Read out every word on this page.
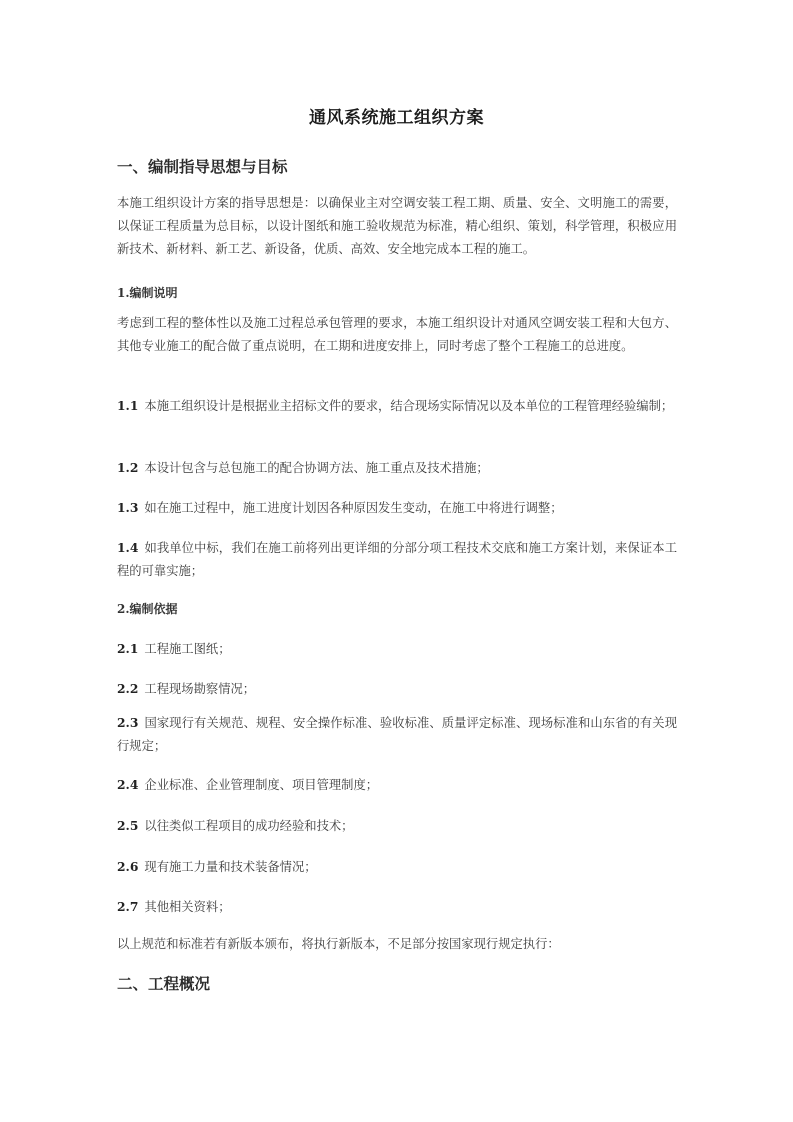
通风系统施工组织方案
一、编制指导思想与目标
本施工组织设计方案的指导思想是：以确保业主对空调安装工程工期、质量、安全、文明施工的需要，以保证工程质量为总目标，以设计图纸和施工验收规范为标准，精心组织、策划，科学管理，积极应用新技术、新材料、新工艺、新设备，优质、高效、安全地完成本工程的施工。
1.编制说明
考虑到工程的整体性以及施工过程总承包管理的要求，本施工组织设计对通风空调安装工程和大包方、其他专业施工的配合做了重点说明，在工期和进度安排上，同时考虑了整个工程施工的总进度。
1.1 本施工组织设计是根据业主招标文件的要求，结合现场实际情况以及本单位的工程管理经验编制；
1.2 本设计包含与总包施工的配合协调方法、施工重点及技术措施；
1.3 如在施工过程中，施工进度计划因各种原因发生变动，在施工中将进行调整；
1.4 如我单位中标，我们在施工前将列出更详细的分部分项工程技术交底和施工方案计划，来保证本工程的可靠实施；
2.编制依据
2.1 工程施工图纸；
2.2 工程现场勘察情况；
2.3 国家现行有关规范、规程、安全操作标准、验收标准、质量评定标准、现场标准和山东省的有关现行规定；
2.4 企业标准、企业管理制度、项目管理制度；
2.5 以往类似工程项目的成功经验和技术；
2.6 现有施工力量和技术装备情况；
2.7 其他相关资料；
以上规范和标准若有新版本颁布，将执行新版本，不足部分按国家现行规定执行：
二、工程概况
